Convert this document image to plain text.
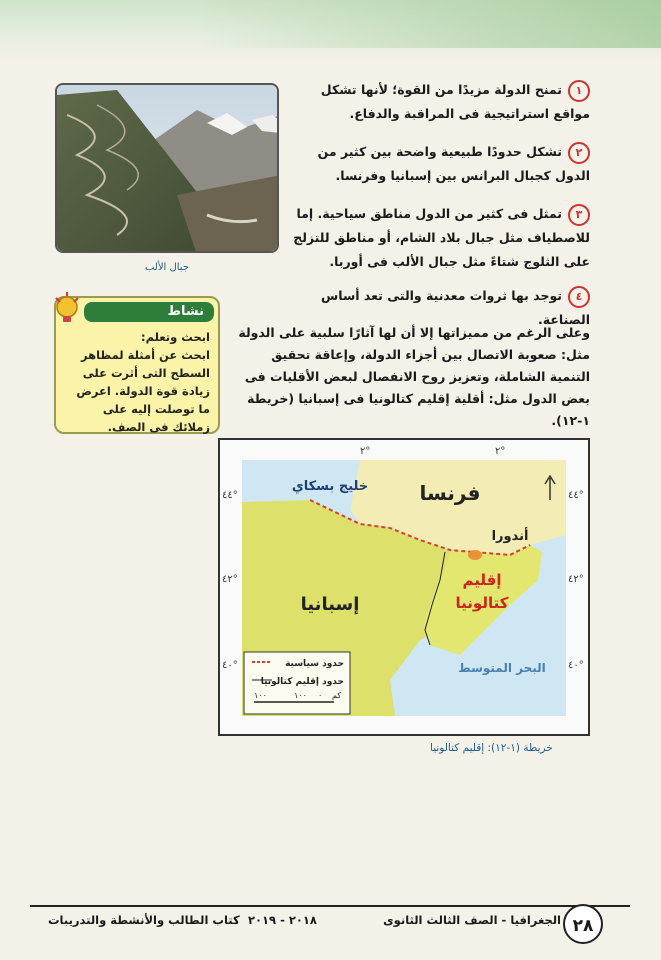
جبال الألب
١تمنح الدولة مزيدًا من القوة؛ لأنها تشكل مواقع استراتيجية فى المراقبة والدفاع.
٢تشكل حدودًا طبيعية واضحة بين كثير من الدول كجبال البرانس بين إسبانيا وفرنسا.
٣تمثل فى كثير من الدول مناطق سياحية. إما للاصطياف مثل جبال بلاد الشام، أو مناطق للتزلج على الثلوج شتاءً مثل جبال الألب فى أوربا.
٤توجد بها ثروات معدنية والتى تعد أساس الصناعة.
وعلى الرغم من مميزاتها إلا أن لها آثارًا سلبية على الدولة مثل: صعوبة الاتصال بين أجزاء الدولة، وإعاقة تحقيق التنمية الشاملة، وتعزيز روح الانفصال لبعض الأقليات فى بعض الدول مثل: أقلية إقليم كتالونيا فى إسبانيا (خريطة ١-١٢).
نشاط
ابحث وتعلم:
ابحث عن أمثلة لمظاهر السطح التى أثرت على زيادة قوة الدولة. اعرض ما توصلت إليه على زملائك فى الصف.
خليج بسكاي	فرنسا
أندورا
إقليم
كتالونيا
إسبانيا
البحر المتوسط
٢°	٢°
٤٤°
٤٢°
٤٠°
٤٤°
٤٢°
٤٠°
حدود سياسية
حدود إقليم كتالونيا
١٠٠	١٠٠ ٠ كم
خريطة (١-١٢): إقليم كتالونيا
٢٨
الجغرافيا - الصف الثالث الثانوى
٢٠١٨ - ٢٠١٩
كتاب الطالب والأنشطة والتدريبات
